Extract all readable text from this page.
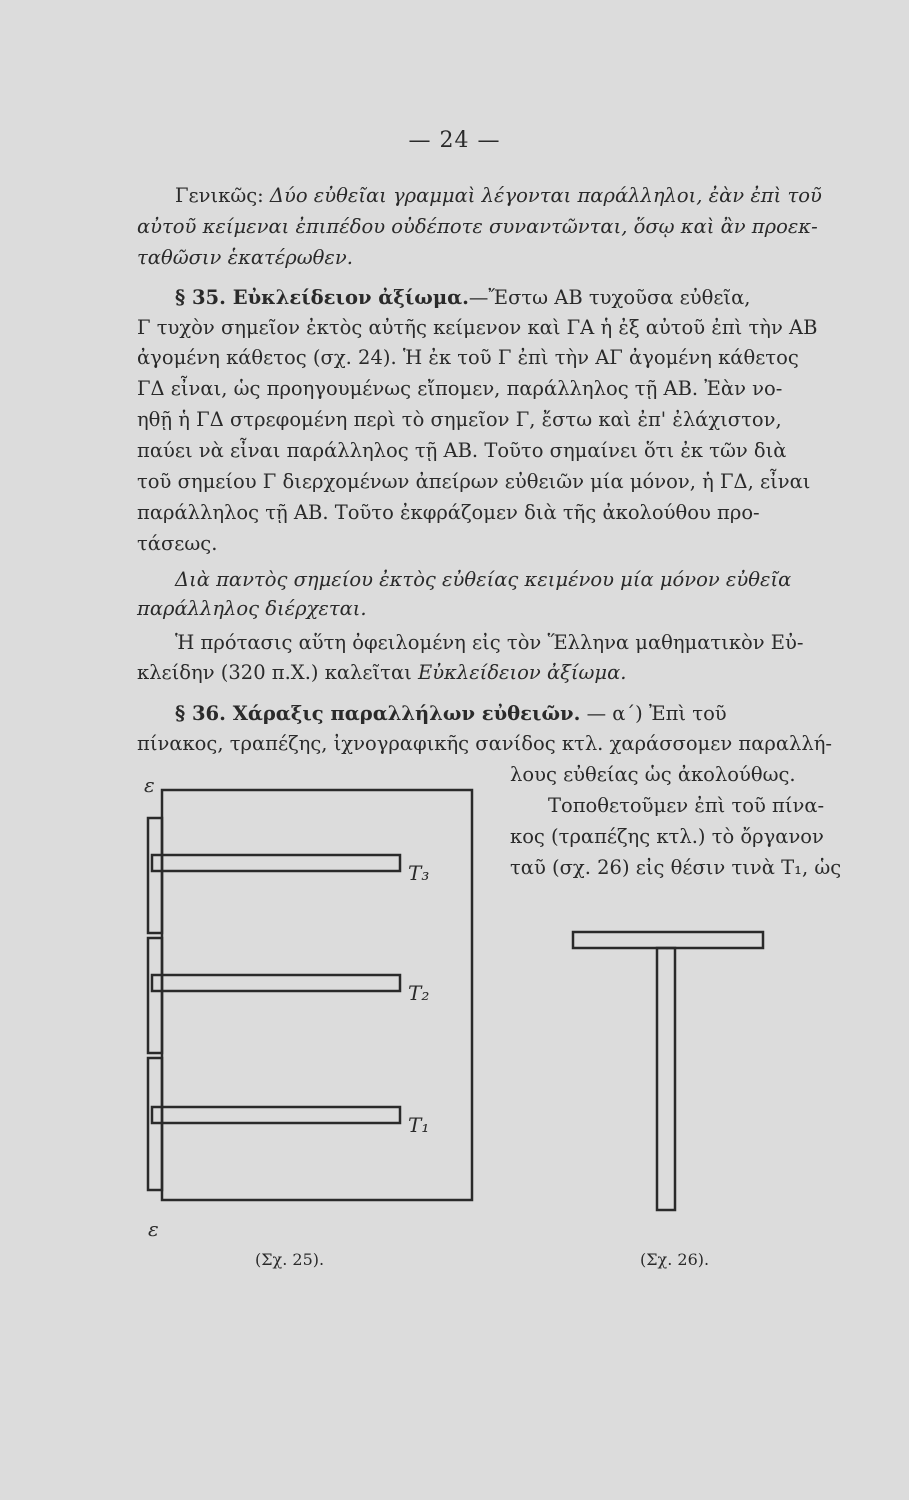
— 24 —
Γενικῶς: Δύο εὐθεῖαι γραμμαὶ λέγονται παράλληλοι, ἐὰν ἐπὶ τοῦ
αὐτοῦ κείμεναι ἐπιπέδου οὐδέποτε συναντῶνται, ὅσῳ καὶ ἂν προεκ-
ταθῶσιν ἑκατέρωθεν.
§ 35. Εὐκλείδειον ἀξίωμα.—Ἔστω ΑΒ τυχοῦσα εὐθεῖα,
Γ τυχὸν σημεῖον ἐκτὸς αὐτῆς κείμενον καὶ ΓΑ ἡ ἐξ αὐτοῦ ἐπὶ τὴν ΑΒ
ἀγομένη κάθετος (σχ. 24). Ἡ ἐκ τοῦ Γ ἐπὶ τὴν ΑΓ ἀγομένη κάθετος
ΓΔ εἶναι, ὡς προηγουμένως εἴπομεν, παράλληλος τῇ ΑΒ. Ἐὰν νο-
ηθῇ ἡ ΓΔ στρεφομένη περὶ τὸ σημεῖον Γ, ἔστω καὶ ἐπ' ἐλάχιστον,
παύει νὰ εἶναι παράλληλος τῇ ΑΒ. Τοῦτο σημαίνει ὅτι ἐκ τῶν διὰ
τοῦ σημείου Γ διερχομένων ἀπείρων εὐθειῶν μία μόνον, ἡ ΓΔ, εἶναι
παράλληλος τῇ ΑΒ. Τοῦτο ἐκφράζομεν διὰ τῆς ἀκολούθου προ-
τάσεως.
Διὰ παντὸς σημείου ἐκτὸς εὐθείας κειμένου μία μόνον εὐθεῖα
παράλληλος διέρχεται.
Ἡ πρότασις αὕτη ὀφειλομένη εἰς τὸν Ἕλληνα μαθηματικὸν Εὐ-
κλείδην (320 π.Χ.) καλεῖται Εὐκλείδειον ἀξίωμα.
§ 36. Χάραξις παραλλήλων εὐθειῶν. — α΄) Ἐπὶ τοῦ
πίνακος, τραπέζης, ἰχνογραφικῆς σανίδος κτλ. χαράσσομεν παραλλή-
λους εὐθείας ὡς ἀκολούθως.
Τοποθετοῦμεν ἐπὶ τοῦ πίνα-
κος (τραπέζης κτλ.) τὸ ὄργανον
ταῦ (σχ. 26) εἰς θέσιν τινὰ Τ₁, ὡς
ε
ε
Τ₃
Τ₂
Τ₁
(Σχ. 25).	(Σχ. 26).
